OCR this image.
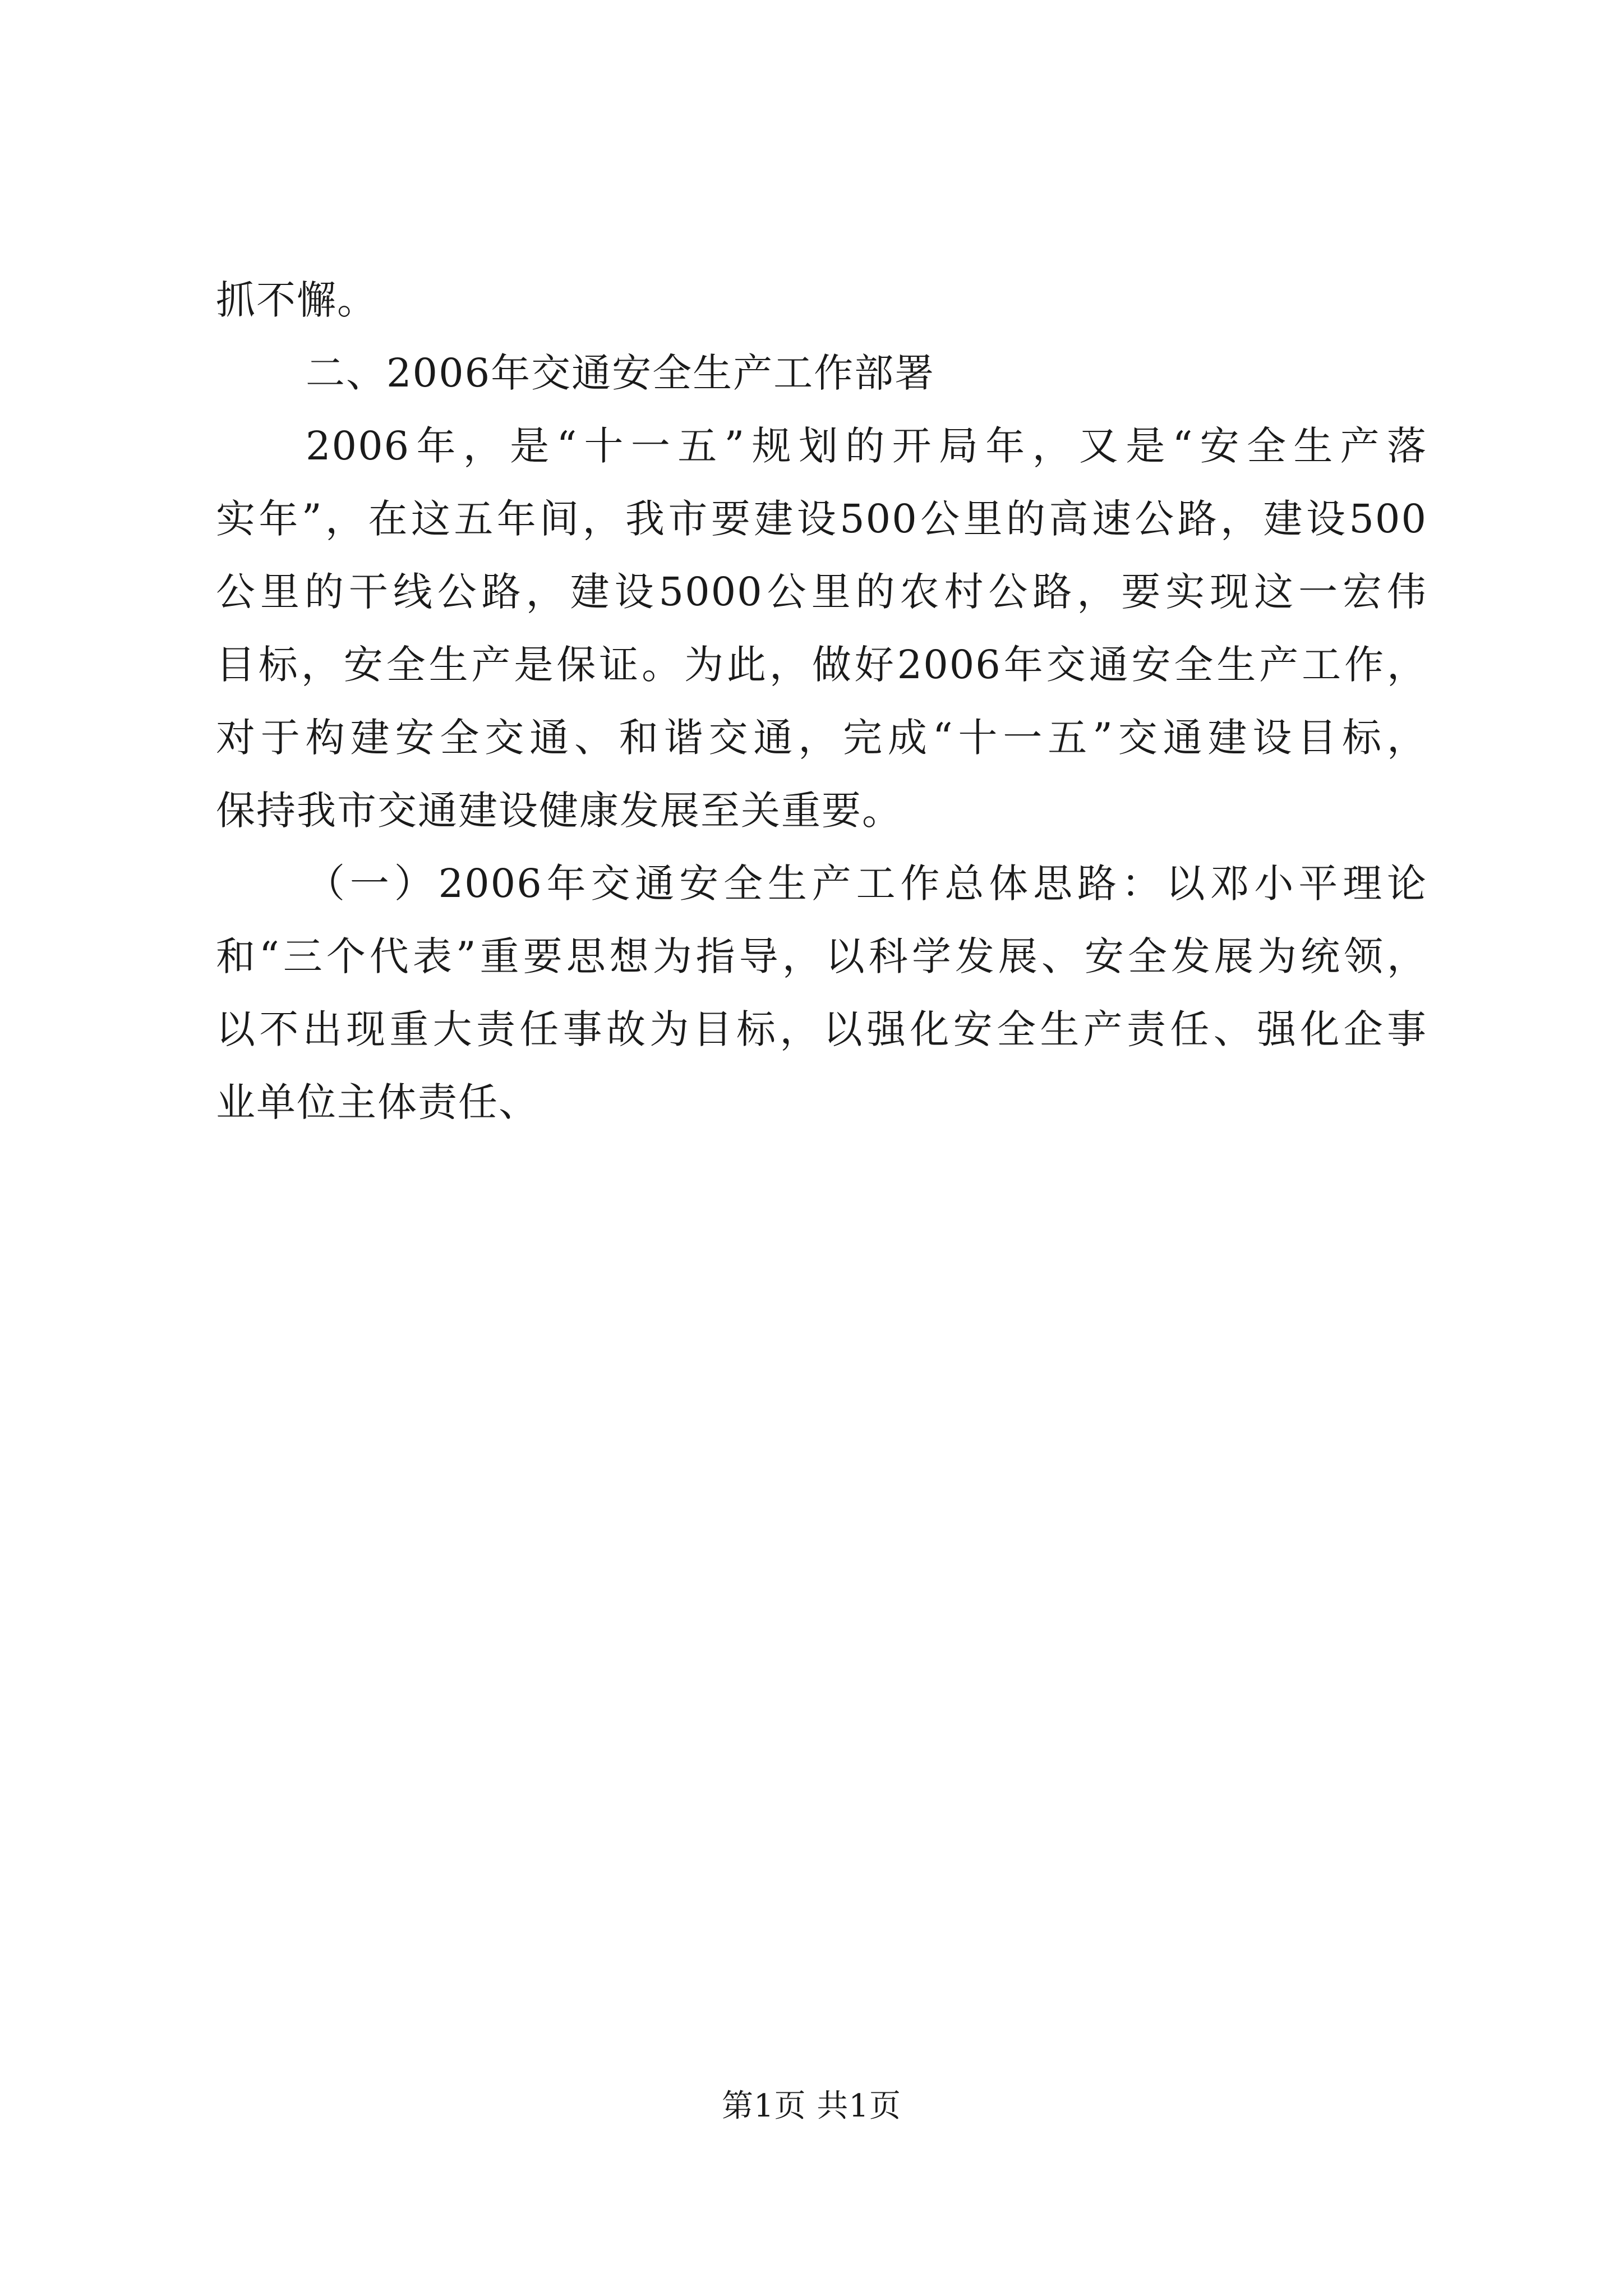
抓不懈。
二、2006年交通安全生产工作部署
2006年，是“十一五”规划的开局年，又是“安全生产落
实年”，在这五年间，我市要建设500公里的高速公路，建设500
公里的干线公路，建设5000公里的农村公路，要实现这一宏伟
目标，安全生产是保证。为此，做好2006年交通安全生产工作，
对于构建安全交通、和谐交通，完成“十一五”交通建设目标，
保持我市交通建设健康发展至关重要。
（一）2006年交通安全生产工作总体思路：以邓小平理论
和“三个代表”重要思想为指导，以科学发展、安全发展为统领，
以不出现重大责任事故为目标，以强化安全生产责任、强化企事
业单位主体责任、
第1页 共1页
